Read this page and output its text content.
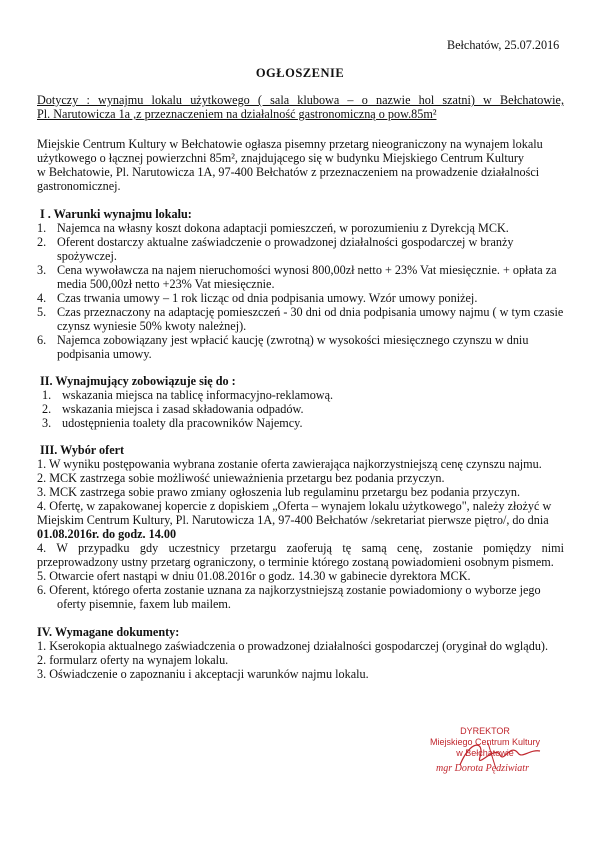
Bełchatów, 25.07.2016
OGŁOSZENIE
Dotyczy : wynajmu lokalu użytkowego ( sala klubowa – o nazwie hol szatni) w Bełchatowie,
Pl. Narutowicza 1a ,z przeznaczeniem na działalność gastronomiczną o pow.85m²
Miejskie Centrum Kultury w Bełchatowie ogłasza pisemny przetarg nieograniczony na wynajem lokalu
użytkowego o łącznej powierzchni 85m², znajdującego się w budynku Miejskiego Centrum Kultury
w Bełchatowie, Pl. Narutowicza 1A, 97-400 Bełchatów z przeznaczeniem na prowadzenie działalności
gastronomicznej.
I . Warunki wynajmu lokalu:
1. Najemca na własny koszt dokona adaptacji pomieszczeń, w porozumieniu z Dyrekcją MCK.
2. Oferent dostarczy aktualne zaświadczenie o prowadzonej działalności gospodarczej w branży
spożywczej.
3. Cena wywoławcza na najem nieruchomości wynosi 800,00zł netto + 23% Vat miesięcznie. + opłata za
media 500,00zł netto +23% Vat miesięcznie.
4. Czas trwania umowy – 1 rok licząc od dnia podpisania umowy. Wzór umowy poniżej.
5. Czas przeznaczony na adaptację pomieszczeń - 30 dni od dnia podpisania umowy najmu ( w tym czasie
czynsz wyniesie 50% kwoty należnej).
6. Najemca zobowiązany jest wpłacić kaucję (zwrotną) w wysokości miesięcznego czynszu w dniu
podpisania umowy.
II. Wynajmujący zobowiązuje się do :
1. wskazania miejsca na tablicę informacyjno-reklamową.
2. wskazania miejsca i zasad składowania odpadów.
3. udostępnienia toalety dla pracowników Najemcy.
III. Wybór ofert
1. W wyniku postępowania wybrana zostanie oferta zawierająca najkorzystniejszą cenę czynszu najmu.
2. MCK zastrzega sobie możliwość unieważnienia przetargu bez podania przyczyn.
3. MCK zastrzega sobie prawo zmiany ogłoszenia lub regulaminu przetargu bez podania przyczyn.
4. Ofertę, w zapakowanej kopercie z dopiskiem „Oferta – wynajem lokalu użytkowego", należy złożyć w
Miejskim Centrum Kultury, Pl. Narutowicza 1A, 97-400 Bełchatów /sekretariat pierwsze piętro/, do dnia
01.08.2016r. do godz. 14.00
4. W przypadku gdy uczestnicy przetargu zaoferują tę samą cenę, zostanie pomiędzy nimi
przeprowadzony ustny przetarg ograniczony, o terminie którego zostaną powiadomieni osobnym pismem.
5. Otwarcie ofert nastąpi w dniu 01.08.2016r o godz. 14.30 w gabinecie dyrektora MCK.
6. Oferent, którego oferta zostanie uznana za najkorzystniejszą zostanie powiadomiony o wyborze jego
oferty pisemnie, faxem lub mailem.
IV. Wymagane dokumenty:
1. Kserokopia aktualnego zaświadczenia o prowadzonej działalności gospodarczej (oryginał do wglądu).
2. formularz oferty na wynajem lokalu.
3. Oświadczenie o zapoznaniu i akceptacji warunków najmu lokalu.
DYREKTOR
Miejskiego Centrum Kultury
w Bełchatowie
mgr Dorota Pędziwiatr
